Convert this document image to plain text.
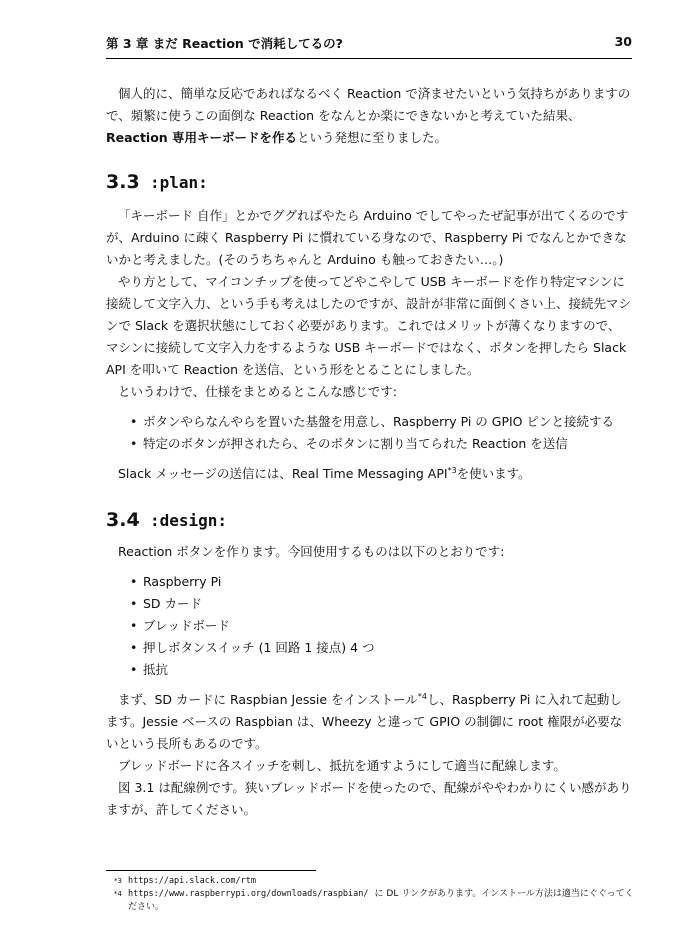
第 3 章 まだ Reaction で消耗してるの?	30

個人的に、簡単な反応であればなるべく Reaction で済ませたいという気持ちがありますので、頻繁に使うこの面倒な Reaction をなんとか楽にできないかと考えていた結果、Reaction 専用キーボードを作るという発想に至りました。

3.3 :plan:

「キーボード 自作」とかでググればやたら Arduino でしてやったぜ記事が出てくるのですが、Arduino に疎く Raspberry Pi に慣れている身なので、Raspberry Pi でなんとかできないかと考えました。(そのうちちゃんと Arduino も触っておきたい…。)

やり方として、マイコンチップを使ってどやこやして USB キーボードを作り特定マシンに接続して文字入力、という手も考えはしたのですが、設計が非常に面倒くさい上、接続先マシンで Slack を選択状態にしておく必要があります。これではメリットが薄くなりますので、マシンに接続して文字入力をするような USB キーボードではなく、ボタンを押したら Slack API を叩いて Reaction を送信、という形をとることにしました。

というわけで、仕様をまとめるとこんな感じです:

• ボタンやらなんやらを置いた基盤を用意し、Raspberry Pi の GPIO ピンと接続する
• 特定のボタンが押されたら、そのボタンに割り当てられた Reaction を送信

Slack メッセージの送信には、Real Time Messaging API$^{*3}$を使います。

3.4 :design:

Reaction ボタンを作ります。今回使用するものは以下のとおりです:

• Raspberry Pi
• SD カード
• ブレッドボード
• 押しボタンスイッチ (1 回路 1 接点) 4 つ
• 抵抗

まず、SD カードに Raspbian Jessie をインストール$^{*4}$し、Raspberry Pi に入れて起動します。Jessie ベースの Raspbian は、Wheezy と違って GPIO の制御に root 権限が必要ないという長所もあるのです。

ブレッドボードに各スイッチを刺し、抵抗を通すようにして適当に配線します。

図 3.1 は配線例です。狭いブレッドボードを使ったので、配線がややわかりにくい感がありますが、許してください。

*3 https://api.slack.com/rtm
*4 https://www.raspberrypi.org/downloads/raspbian/ に DL リンクがあります。インストール方法は適当にぐぐってください。
